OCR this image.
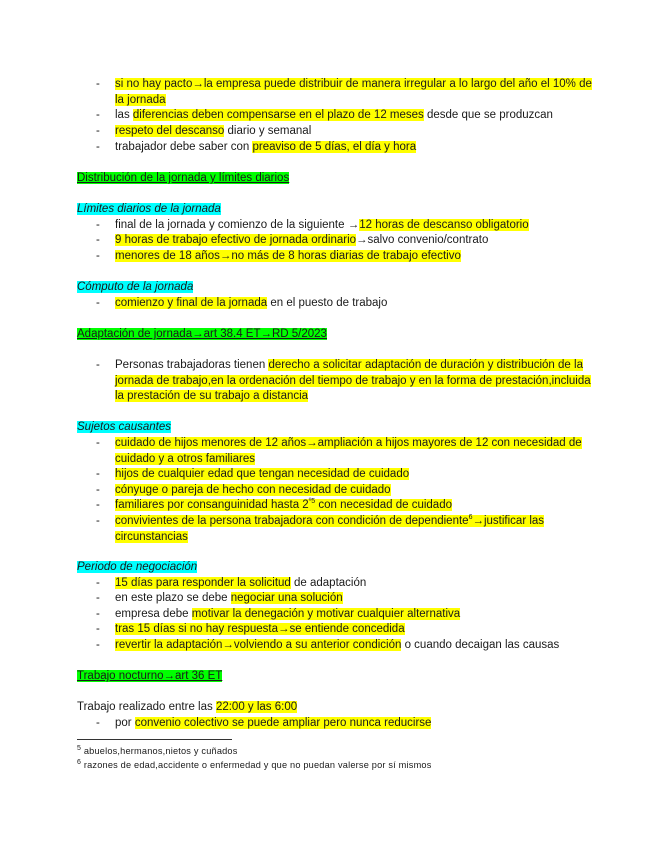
- si no hay pacto→la empresa puede distribuir de manera irregular a lo largo del año el 10% de la jornada
- las diferencias deben compensarse en el plazo de 12 meses desde que se produzcan
- respeto del descanso diario y semanal
- trabajador debe saber con preaviso de 5 días, el día y hora
Distribución de la jornada y límites diarios
Límites diarios de la jornada
- final de la jornada y comienzo de la siguiente →12 horas de descanso obligatorio
- 9 horas de trabajo efectivo de jornada ordinario→salvo convenio/contrato
- menores de 18 años→no más de 8 horas diarias de trabajo efectivo
Cómputo de la jornada
- comienzo y final de la jornada en el puesto de trabajo
Adaptación de jornada→art 38.4 ET→RD 5/2023
- Personas trabajadoras tienen derecho a solicitar adaptación de duración y distribución de la jornada de trabajo,en la ordenación del tiempo de trabajo y en la forma de prestación,incluida la prestación de su trabajo a distancia
Sujetos causantes
- cuidado de hijos menores de 12 años→ampliación a hijos mayores de 12 con necesidad de cuidado y a otros familiares
- hijos de cualquier edad que tengan necesidad de cuidado
- cónyuge o pareja de hecho con necesidad de cuidado
- familiares por consanguinidad hasta $2^{º5}$ con necesidad de cuidado
- convivientes de la persona trabajadora con condición de dependiente$^6$→justificar las circunstancias
Periodo de negociación
- 15 días para responder la solicitud de adaptación
- en este plazo se debe negociar una solución
- empresa debe motivar la denegación y motivar cualquier alternativa
- tras 15 días si no hay respuesta→se entiende concedida
- revertir la adaptación→volviendo a su anterior condición o cuando decaigan las causas
Trabajo nocturno→art 36 ET
Trabajo realizado entre las 22:00 y las 6:00
- por convenio colectivo se puede ampliar pero nunca reducirse
$^5$ abuelos,hermanos,nietos y cuñados
$^6$ razones de edad,accidente o enfermedad y que no puedan valerse por sí mismos
